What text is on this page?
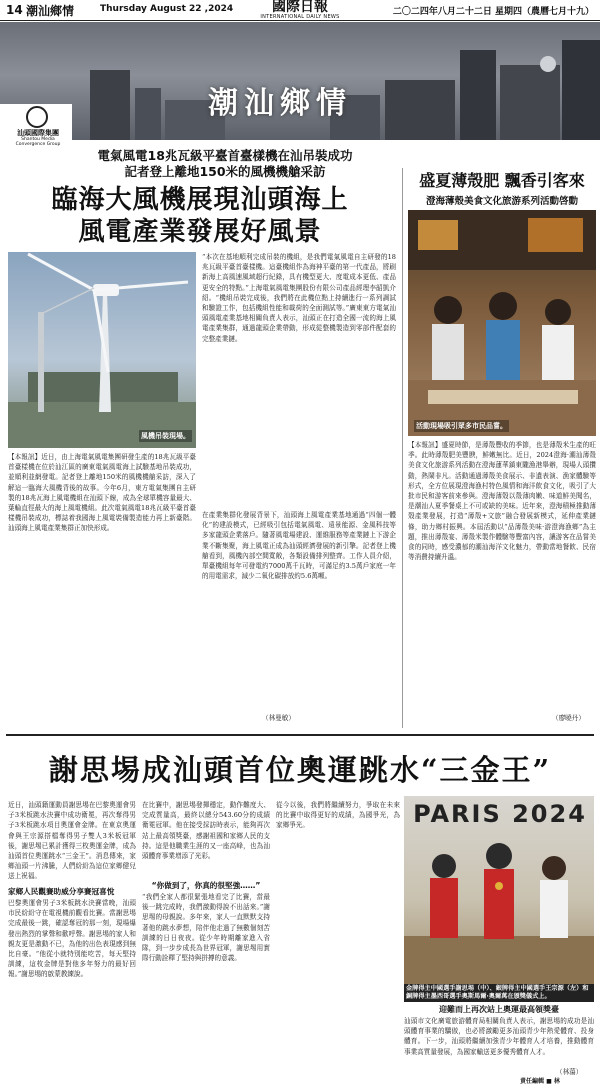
14 潮汕鄉情	Thursday August 22 ,2024	國際日報
INTERNATIONAL DAILY NEWS	二〇二四年八月二十二日 星期四（農曆七月十九）
汕頭國際集團
Shantou Media Convergence Group
潮汕鄉情
電氣風電18兆瓦級平臺首臺樣機在汕吊裝成功
記者登上離地150米的風機機艙采訪
臨海大風機展現汕頭海上
風電產業發展好風景
風機吊裝現場。
【本報訊】近日，由上海電氣風電集團研發生產的18兆瓦級平臺首臺樣機在位於汕江區的廣東電氣風電海上試驗基地吊裝成功，並順利並網發電。記者登上離地150米的風機機艙采訪，深入了解這一臨海大風機背後的故事。今年6月，東方電氣集團自主研製的18兆瓦海上風電機組在汕頭下線，成為全球單機容量最大、葉輪直徑最大的海上風電機組。此次電氣風電18兆瓦級平臺首臺樣機吊裝成功，標誌着我國海上風電裝備製造能力再上新臺階。汕頭海上風電產業集群正加快形成。
“本次在基地順利完成吊裝的機組，是我們電氣風電自主研發的18兆瓦級平臺首臺樣機。這臺機組作為海神平臺的第一代產品，將刷新海上高風速風域超行紀錄，具有機型更大、度電成本更低、產品更安全的特點。”上海電氣風電集團股份有限公司產品經理李韶凱介紹。“機組吊裝完成後，我們將在此機位點上持續進行一系列調試和驗證工作，包括機組性能和載荷的全面測試等。”廣東東方電氣汕頭風電產業基地相關負責人表示，汕頭正在打造全國一流的海上風電產業集群，通過龍頭企業帶動，形成從整機製造到零部件配套的完整產業鏈。
在產業集群化發展背景下，汕頭海上風電產業基地通過“四個一體化”的建設模式，已經吸引包括電氣風電、遠景能源、金風科技等多家龍頭企業落戶。隨著風電場建設、運維服務等產業鏈上下游企業不斷集聚，海上風電正成為汕頭經濟發展的新引擎。記者登上機艙看到，風機內部空間寬敞，各類設備排列整齊。工作人員介紹，單臺機組每年可發電約7000萬千瓦時，可滿足約3.5萬戶家庭一年的用電需求，減少二氧化碳排放約5.6萬噸。
（林曼敏）
盛夏薄殼肥 飄香引客來
澄海薄殼美食文化旅游系列活動啓動
活動現場吸引眾多市民品嘗。
【本報訊】盛夏時節，是薄殼豐收的季節，也是薄殼米生產的旺季。此時薄殼肥美豐腴，鮮嫩無比。近日，2024澄海·潮汕薄殼美食文化旅游系列活動在澄海蓮華鎮東隴漁港舉辦，現場人頭攢動，熱鬧非凡。活動通過薄殼美食展示、非遺表演、漁家體驗等形式，全方位展現澄海漁村特色風情和海洋飲食文化，吸引了大批市民和游客前來參與。澄海薄殼以殼薄肉嫩、味道鮮美聞名，是潮汕人夏季餐桌上不可或缺的美味。近年來，澄海積極推動薄殼產業發展，打造“薄殼+文旅”融合發展新模式，延伸產業鏈條，助力鄉村振興。本屆活動以“品薄殼美味·游澄海漁鄉”為主題，推出薄殼宴、薄殼米製作體驗等豐富內容，讓游客在品嘗美食的同時，感受濃郁的潮汕海洋文化魅力，帶動當地餐飲、民宿等消費持續升溫。
（廖曉丹）
謝思埸成汕頭首位奧運跳水“三金王”
近日，汕頭籍運動員謝思埸在巴黎奧運會男子3米板跳水決賽中成功衛冕，再次奪得男子3米板跳水項目奧運會金牌。在東京奧運會與王宗源搭檔奪得男子雙人3米板冠軍後，謝思埸已累計獲得三枚奧運金牌，成為汕頭首位奧運跳水“三金王”。消息傳來，家鄉汕頭一片沸騰，人們紛紛為這位家鄉健兒送上祝福。
家鄉人民觀賽助威分享賽冠喜悅
巴黎奧運會男子3米板跳水決賽當晚，汕頭市民紛紛守在電視機前觀看比賽。當謝思埸完成最後一跳，確認奪冠的那一刻，現場爆發出熱烈的掌聲和歡呼聲。謝思埸的家人和親友更是激動不已，為他的出色表現感到無比自豪。“他從小就特別能吃苦，每天堅持訓練，這枚金牌是對他多年努力的最好回報。”謝思埸的啟蒙教練說。
在比賽中，謝思埸發揮穩定，動作難度大、完成質量高，最終以總分543.60分的成績衛冕冠軍。他在接受採訪時表示，能夠再次站上最高領獎臺，感謝祖國和家鄉人民的支持。這是他職業生涯的又一座高峰，也為汕頭體育事業增添了光彩。
“你做到了，你真的很堅強……”
“我們全家人都很緊張地看完了比賽，當最後一跳完成時，我們激動得說不出話來。”謝思埸的母親說。多年來，家人一直默默支持著他的跳水夢想，陪伴他走過了無數個刻苦訓練的日日夜夜。從少年時期離家進入省隊，到一步步成長為世界冠軍，謝思埸用實際行動詮釋了堅持與拼搏的意義。
從今以後，我們將繼續努力，爭取在未來的比賽中取得更好的成績，為國爭光，為家鄉爭光。	PARIS 2024
金牌得主中國選手謝思埸（中）、銀牌得主中國選手王宗源（左）和銅牌得主墨西哥選手奧斯馬爾·奧爾萬在頒獎儀式上。
迎難而上再次站上奧運最高領獎臺
汕頭市文化廣電旅游體育局相關負責人表示，謝思埸的成功是汕頭體育事業的驕傲，也必將激勵更多汕頭青少年熱愛體育、投身體育。下一步，汕頭將繼續加強青少年體育人才培養，推動體育事業高質量發展，為國家輸送更多優秀體育人才。
（林蕩）
責任編輯 ■ 林
